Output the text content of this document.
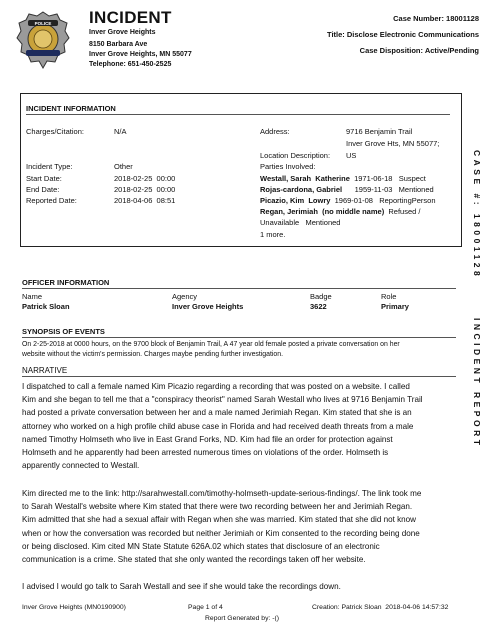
POLICE INCIDENT
Inver Grove Heights
8150 Barbara Ave
Inver Grove Heights, MN 55077
Telephone: 651-450-2525
Case Number: 18001128
Title: Disclose Electronic Communications
Case Disposition: Active/Pending
INCIDENT INFORMATION
Charges/Citation:	N/A
Incident Type:	Other
Start Date:	2018-02-25  00:00
End Date:	2018-02-25  00:00
Reported Date:	2018-04-06  08:51
Address:	9716 Benjamin Trail
Inver Grove Hts, MN 55077;
Location Description: US
Parties Involved:
Westall, Sarah  Katherine  1971-06-18   Suspect
Rojas-cardona, Gabriel      1959-11-03   Mentioned
Picazio, Kim  Lowry  1969-01-08   ReportingPerson
Regan, Jerimiah  (no middle name)  Refused /
Unavailable   Mentioned
1 more.	CASE #: 18001128
INCIDENT REPORT
OFFICER INFORMATION
Name	Agency	Badge	Role
Patrick Sloan	Inver Grove Heights	3622	Primary
SYNOPSIS OF EVENTS
On 2-25-2018 at 0000 hours, on the 9700 block of Benjamin Trail, A 47 year old female posted a private conversation on her
website without the victim's permission. Charges maybe pending further investigation.
NARRATIVE
I dispatched to call a female named Kim Picazio regarding a recording that was posted on a website. I called
Kim and she began to tell me that a "conspiracy theorist" named Sarah Westall who lives at 9716 Benjamin Trail
had posted a private conversation between her and a male named Jerimiah Regan. Kim stated that she is an
attorney who worked on a high profile child abuse case in Florida and had received death threats from a male
named Timothy Holmseth who live in East Grand Forks, ND. Kim had file an order for protection against
Holmseth and he apparently had been arrested numerous times on violations of the order. Holmseth is
apparently connected to Westall.
Kim directed me to the link: http://sarahwestall.com/timothy-holmseth-update-serious-findings/. The link took me
to Sarah Westall's website where Kim stated that there were two recording between her and Jerimiah Regan.
Kim admitted that she had a sexual affair with Regan when she was married. Kim stated that she did not know
when or how the conversation was recorded but neither Jerimiah or Kim consented to the recording being done
or being disclosed. Kim cited MN State Statute 626A.02 which states that disclosure of an electronic
communication is a crime. She stated that she only wanted the recordings taken off her website.
I advised I would go talk to Sarah Westall and see if she would take the recordings down.
Inver Grove Heights (MN0190900)	Page 1 of 4	Creation: Patrick Sloan  2018-04-06 14:57:32
Report Generated by: -()
